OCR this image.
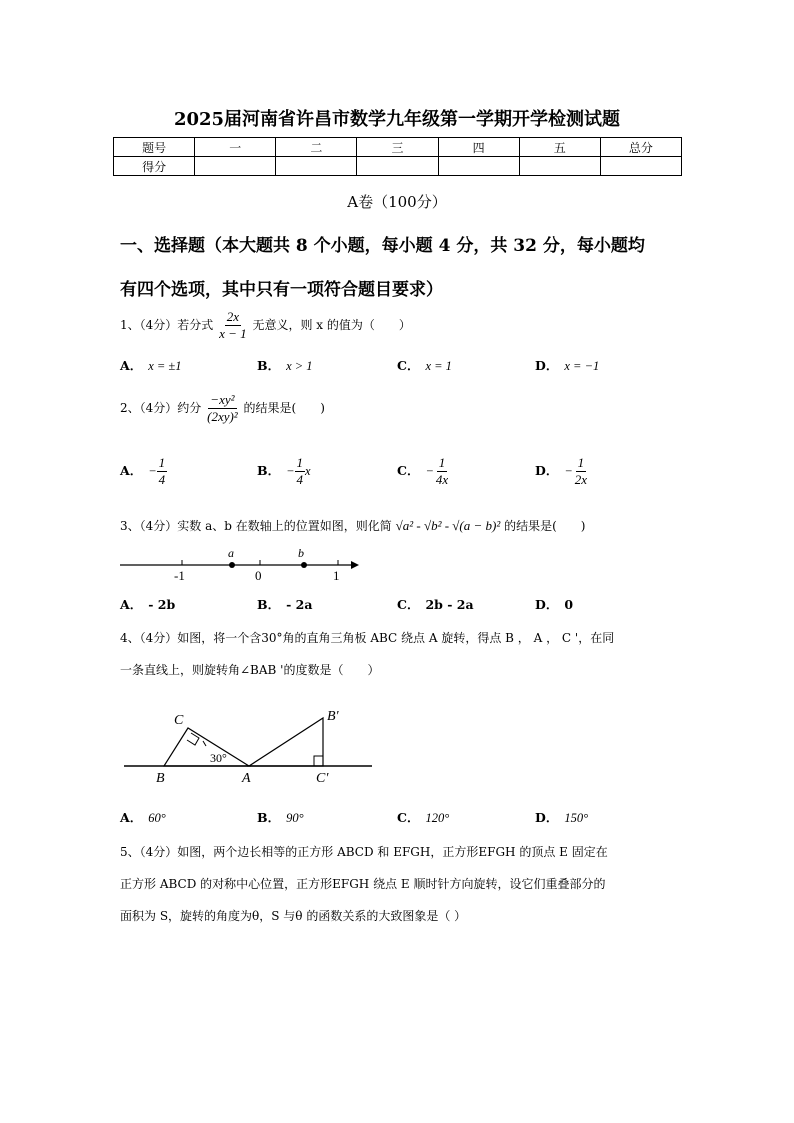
2025届河南省许昌市数学九年级第一学期开学检测试题
题号	一	二	三	四	五	总分
得分						
A卷（100分）
一、选择题（本大题共 8 个小题，每小题 4 分，共 32 分，每小题均
有四个选项，其中只有一项符合题目要求）
1、（4分）若分式 $\frac{2x}{x - 1}$ 无意义，则 x 的值为（　　）
A． x = ±1	B． x > 1	C． x = 1	D． x = −1
2、（4分）约分 $\frac{\text{−xy²}}{\text{(2xy)²}}$ 的结果是(　　)
A． − $\frac{1}{4}$	B． − $\frac{1}{4}$ x	C． − $\frac{1}{4x}$	D． − $\frac{1}{2x}$
3、（4分）实数 a、b 在数轴上的位置如图，则化简 √a² - √b² - √(a − b)² 的结果是(　　)
a	b
-1	0	1
A． - 2b	B． - 2a	C． 2b - 2a	D． 0
4、（4分）如图，将一个含30°角的直角三角板 ABC 绕点 A 旋转，得点 B ， A ， C '，在同
一条直线上，则旋转角∠BAB '的度数是（　　）
C
B
30°
A
B′
C′
A． 60°	B． 90°	C． 120°	D． 150°
5、（4分）如图，两个边长相等的正方形 ABCD 和 EFGH，正方形EFGH 的顶点 E 固定在
正方形 ABCD 的对称中心位置，正方形EFGH 绕点 E 顺时针方向旋转，设它们重叠部分的
面积为 S，旋转的角度为θ，S 与θ 的函数关系的大致图象是（ ）
